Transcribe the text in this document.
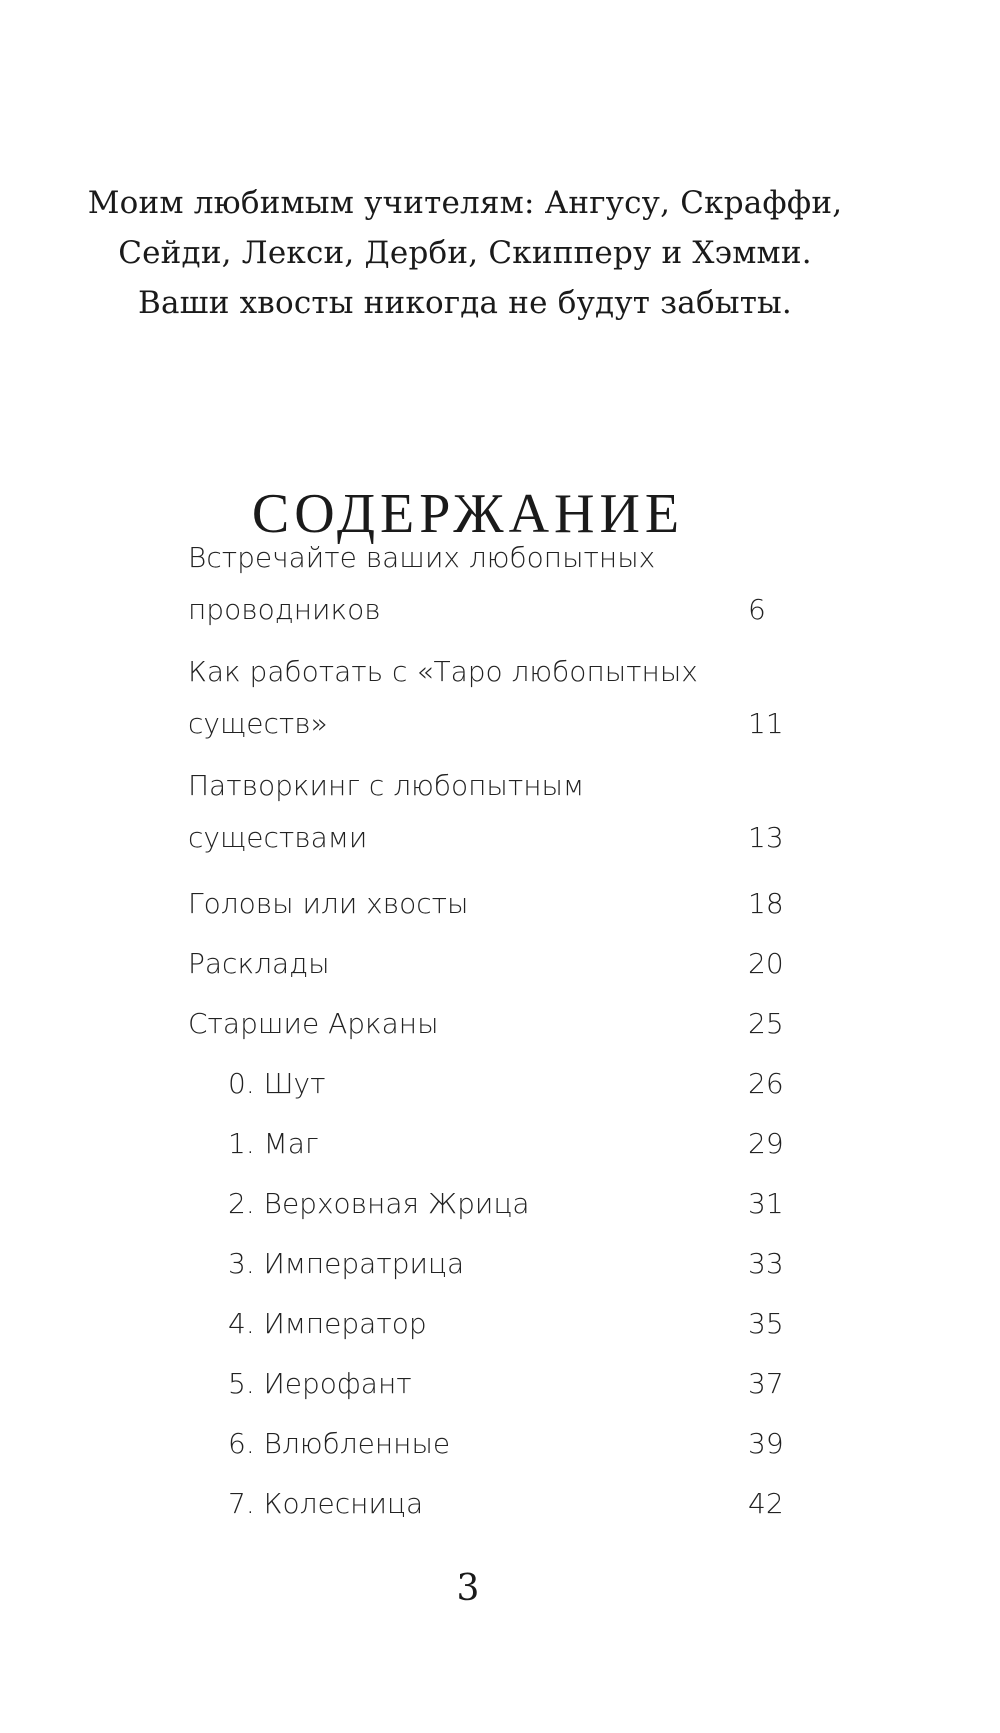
Моим любимым учителям: Ангусу, Скраффи,
Сейди, Лекси, Дерби, Скипперу и Хэмми.
Ваши хвосты никогда не будут забыты.
СОДЕРЖАНИЕ
Встречайте ваших любопытных
проводников	6
Как работать с «Таро любопытных
существ»	11
Патворкинг с любопытным
существами	13
Головы или хвосты	18
Расклады	20
Старшие Арканы	25
0. Шут	26
1. Маг	29
2. Верховная Жрица	31
3. Императрица	33
4. Император	35
5. Иерофант	37
6. Влюбленные	39
7. Колесница	42
3
